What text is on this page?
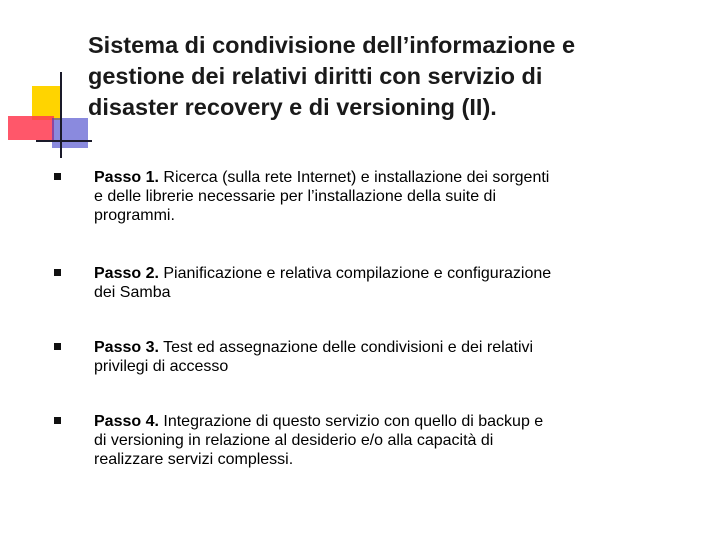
Sistema di condivisione dell’informazione e
gestione dei relativi diritti con servizio di
disaster recovery e di versioning (II).
Passo 1. Ricerca (sulla rete Internet) e installazione dei sorgenti
e delle librerie necessarie per l’installazione della suite di
programmi.
Passo 2. Pianificazione e relativa compilazione e configurazione
dei Samba
Passo 3. Test ed assegnazione delle condivisioni e dei relativi
privilegi di accesso
Passo 4. Integrazione di questo servizio con quello di backup e
di versioning in relazione al desiderio e/o alla capacità di
realizzare servizi complessi.
